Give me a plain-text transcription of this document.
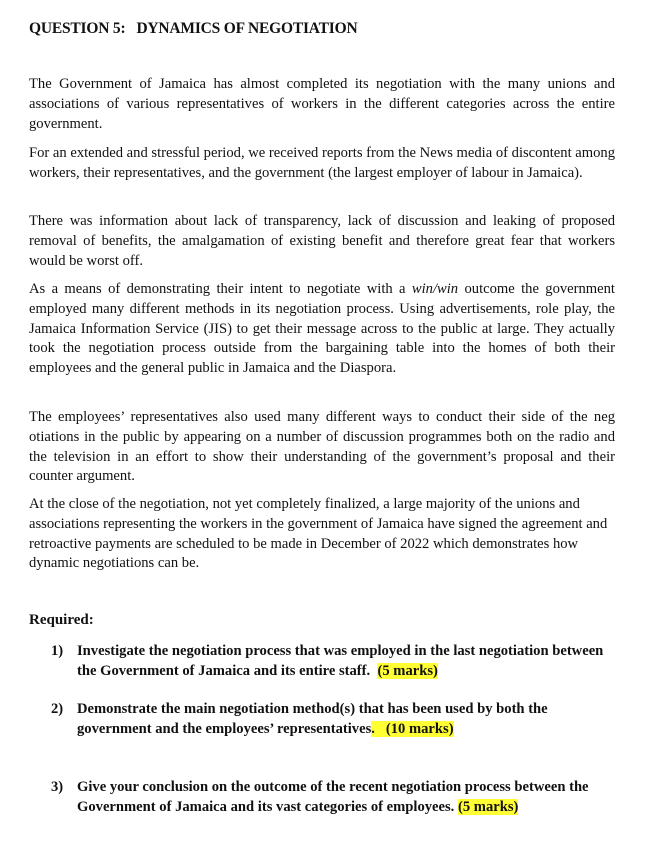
QUESTION 5:   DYNAMICS OF NEGOTIATION

The Government of Jamaica has almost completed its negotiation with the many unions and associations of various representatives of workers in the different categories across the entire government.

For an extended and stressful period, we received reports from the News media of discontent among workers, their representatives, and the government (the largest employer of labour in Jamaica).

There was information about lack of transparency, lack of discussion and leaking of proposed removal of benefits, the amalgamation of existing benefit and therefore great fear that workers would be worst off.

As a means of demonstrating their intent to negotiate with a win/win outcome the government employed many different methods in its negotiation process. Using advertisements, role play, the Jamaica Information Service (JIS) to get their message across to the public at large. They actually took the negotiation process outside from the bargaining table into the homes of both their employees and the general public in Jamaica and the Diaspora.

The employees’ representatives also used many different ways to conduct their side of the neg otiations in the public by appearing on a number of discussion programmes both on the radio and the television in an effort to show their understanding of the government’s proposal and their counter argument.

At the close of the negotiation, not yet completely finalized, a large majority of the unions and associations representing the workers in the government of Jamaica have signed the agreement and retroactive payments are scheduled to be made in December of 2022 which demonstrates how dynamic negotiations can be.

Required:
1) Investigate the negotiation process that was employed in the last negotiation between the Government of Jamaica and its entire staff. (5 marks)
2) Demonstrate the main negotiation method(s) that has been used by both the government and the employees’ representatives. (10 marks)
3) Give your conclusion on the outcome of the recent negotiation process between the Government of Jamaica and its vast categories of employees. (5 marks)
